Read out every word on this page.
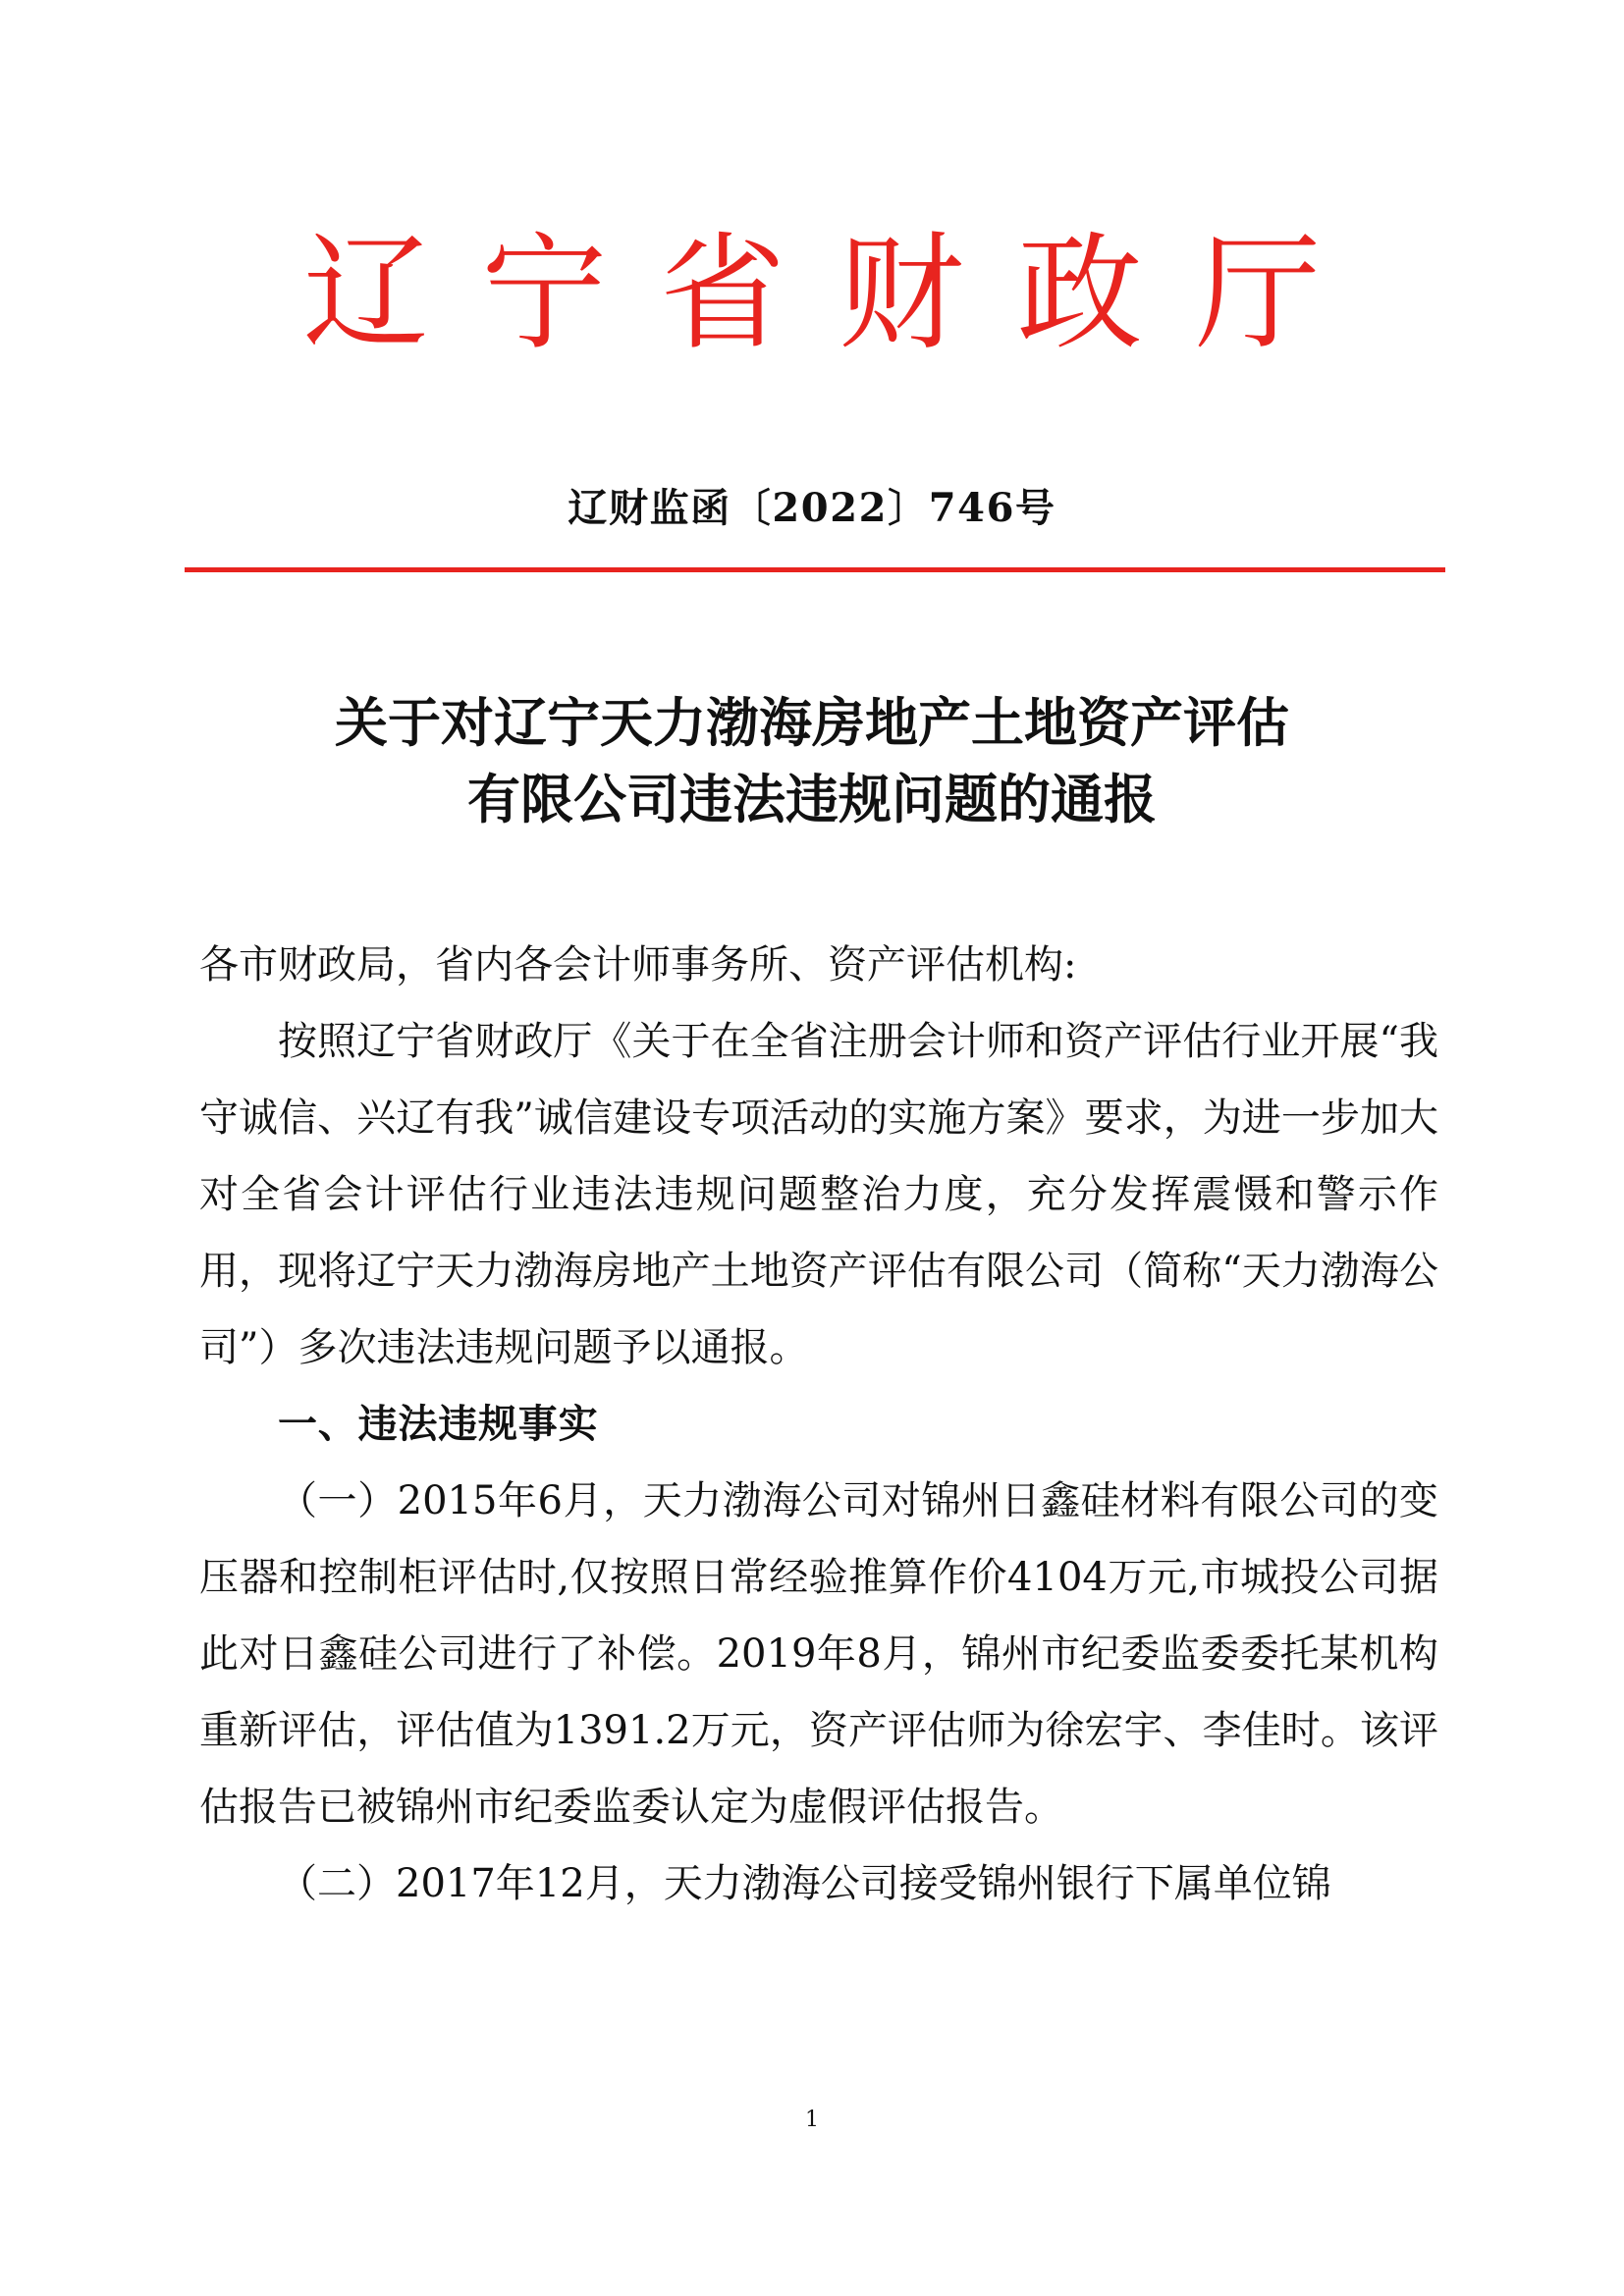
辽宁省财政厅
辽财监函〔2022〕746号
关于对辽宁天力渤海房地产土地资产评估
有限公司违法违规问题的通报

各市财政局，省内各会计师事务所、资产评估机构:

按照辽宁省财政厅《关于在全省注册会计师和资产评估行业开展“我守诚信、兴辽有我”诚信建设专项活动的实施方案》要求，为进一步加大对全省会计评估行业违法违规问题整治力度，充分发挥震慑和警示作用，现将辽宁天力渤海房地产土地资产评估有限公司（简称“天力渤海公司”）多次违法违规问题予以通报。

一、违法违规事实

（一）2015年6月，天力渤海公司对锦州日鑫硅材料有限公司的变压器和控制柜评估时,仅按照日常经验推算作价4104万元,市城投公司据此对日鑫硅公司进行了补偿。2019年8月，锦州市纪委监委委托某机构重新评估，评估值为1391.2万元，资产评估师为徐宏宇、李佳时。该评估报告已被锦州市纪委监委认定为虚假评估报告。

（二）2017年12月，天力渤海公司接受锦州银行下属单位锦

1
